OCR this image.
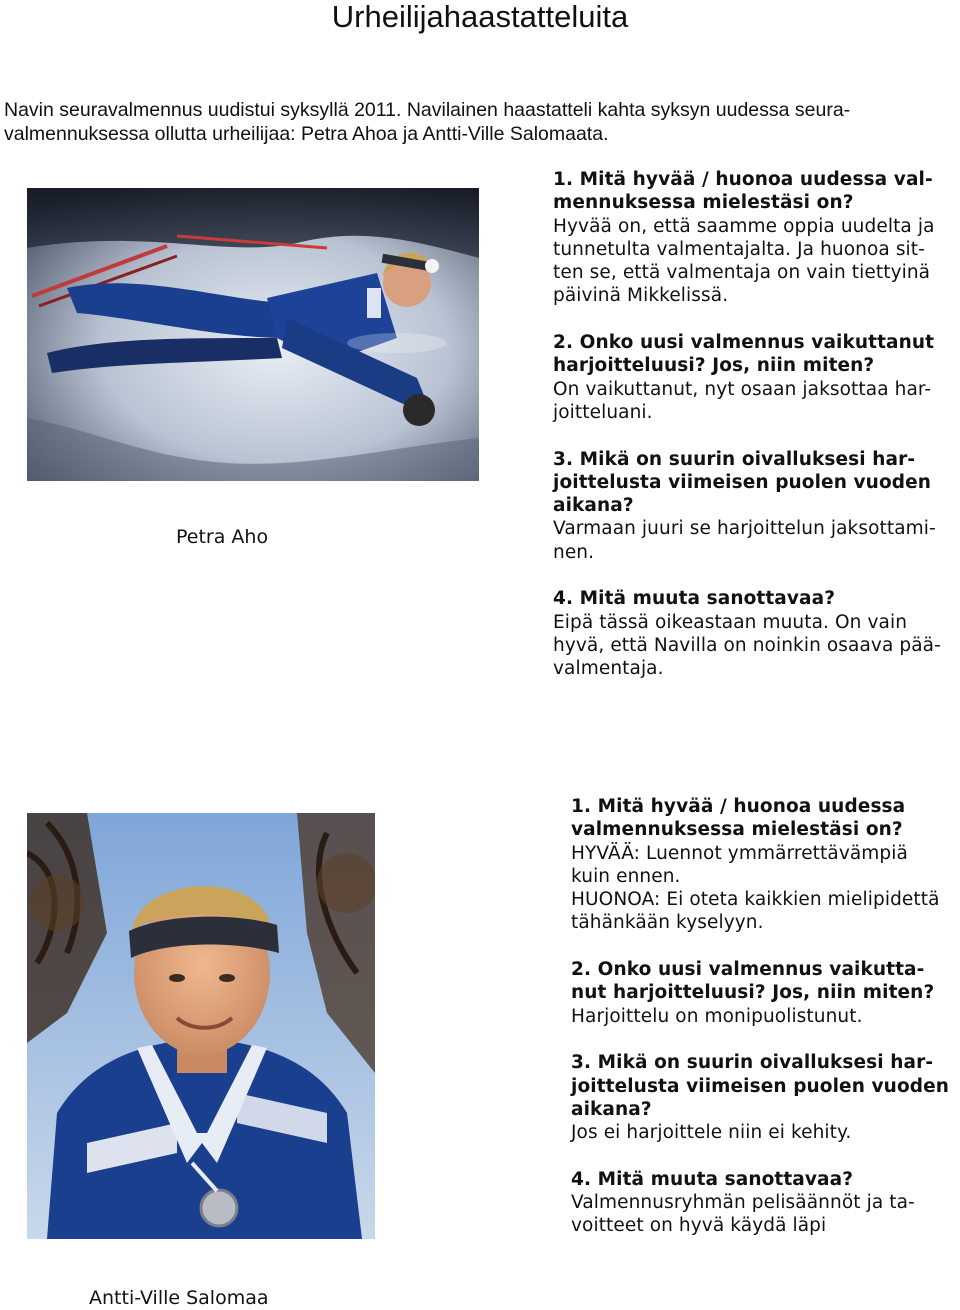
Urheilijahaastatteluita
Navin seuravalmennus uudistui syksyllä 2011. Navilainen haastatteli kahta syksyn uudessa seura-
valmennuksessa ollutta urheilijaa: Petra Ahoa ja Antti-Ville Salomaata.
Petra Aho

1. Mitä hyvää / huonoa uudessa val-

mennuksessa mielestäsi on?

Hyvää on, että saamme oppia uudelta ja

tunnetulta valmentajalta. Ja huonoa sit-

ten se, että valmentaja on vain tiettyinä

päivinä Mikkelissä.

2. Onko uusi valmennus vaikuttanut

harjoitteluusi? Jos, niin miten?

On vaikuttanut, nyt osaan jaksottaa har-

joitteluani.

3. Mikä on suurin oivalluksesi har-

joittelusta viimeisen puolen vuoden

aikana?

Varmaan juuri se harjoittelun jaksottami-

nen.

4. Mitä muuta sanottavaa?

Eipä tässä oikeastaan muuta. On vain

hyvä, että Navilla on noinkin osaava pää-

valmentaja.

Antti-Ville Salomaa

1. Mitä hyvää / huonoa uudessa

valmennuksessa mielestäsi on?

HYVÄÄ: Luennot ymmärrettävämpiä

kuin ennen.

HUONOA: Ei oteta kaikkien mielipidettä

tähänkään kyselyyn.

2. Onko uusi valmennus vaikutta-

nut harjoitteluusi? Jos, niin miten?

Harjoittelu on monipuolistunut.

3. Mikä on suurin oivalluksesi har-

joittelusta viimeisen puolen vuoden

aikana?

Jos ei harjoittele niin ei kehity.

4. Mitä muuta sanottavaa?

Valmennusryhmän pelisäännöt ja ta-

voitteet on hyvä käydä läpi
